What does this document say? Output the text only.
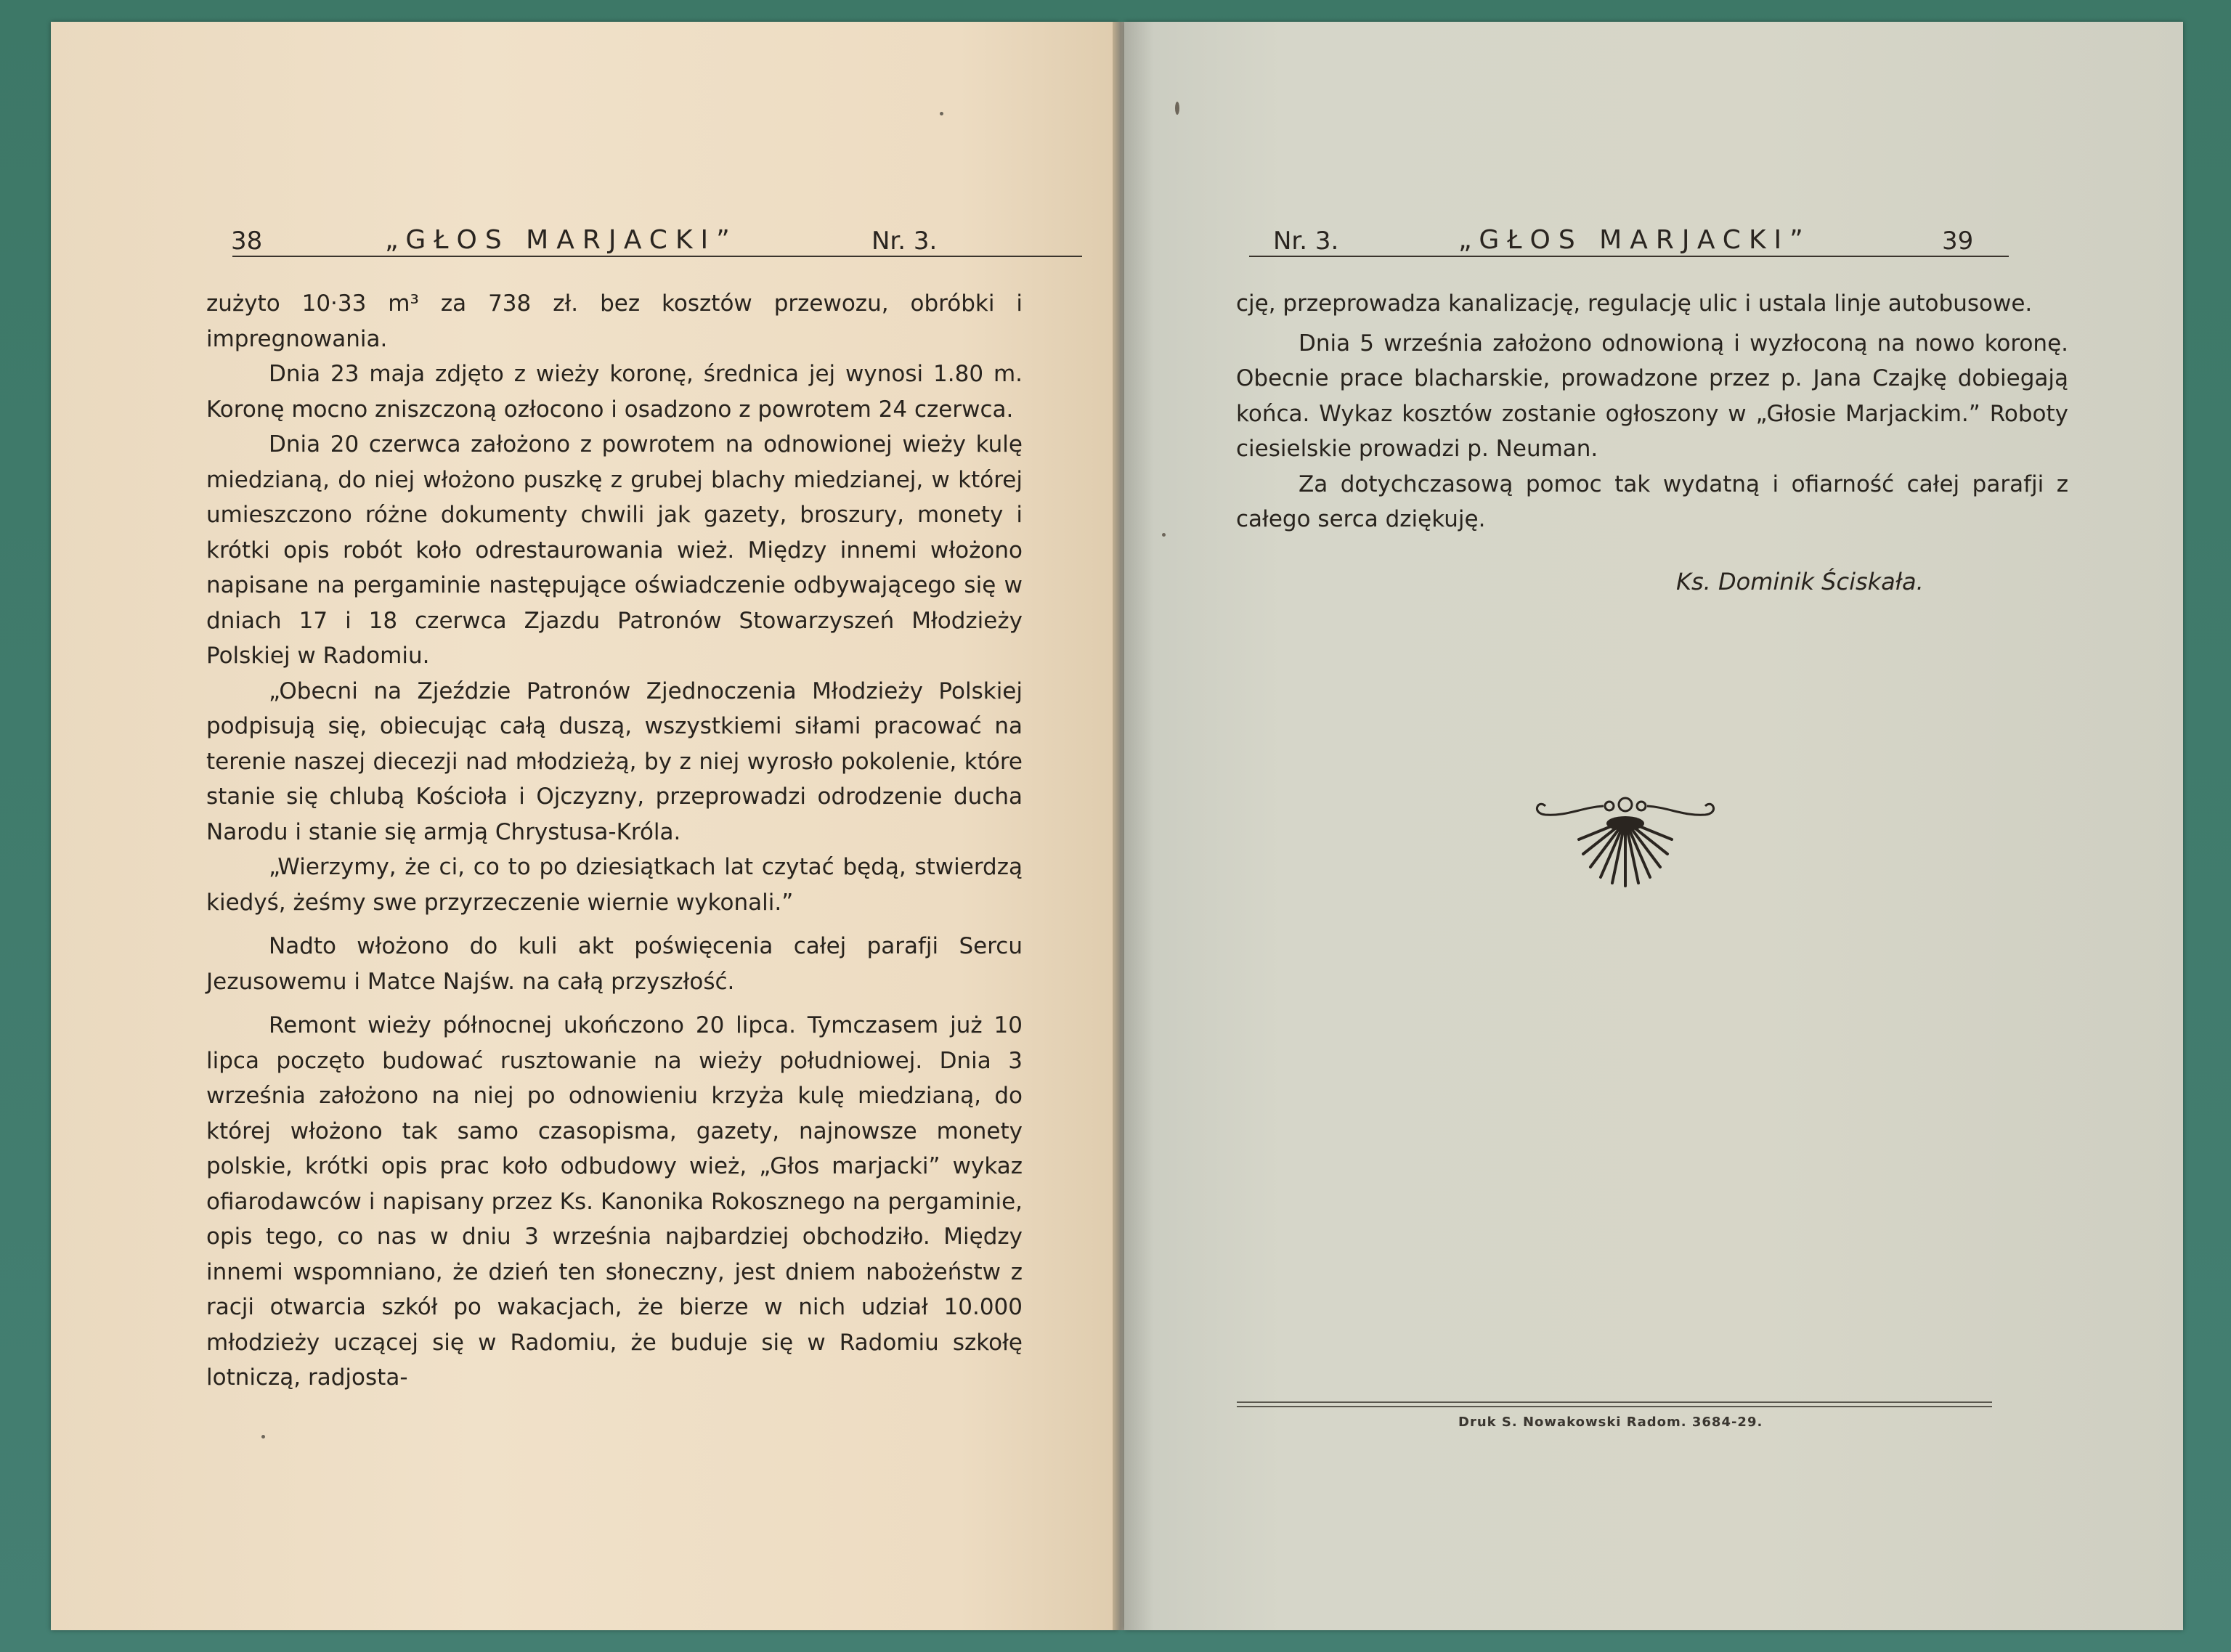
38	„GŁOS MARJACKI”	Nr. 3.

zużyto 10·33 m³ za 738 zł. bez kosztów przewozu, obróbki i impregnowania.

Dnia 23 maja zdjęto z wieży koronę, średnica jej wynosi 1.80 m. Koronę mocno zniszczoną ozłocono i osadzono z powrotem 24 czerwca.

Dnia 20 czerwca założono z powrotem na odnowionej wieży kulę miedzianą, do niej włożono puszkę z grubej blachy miedzianej, w której umieszczono różne dokumenty chwili jak gazety, broszury, monety i krótki opis robót koło odrestaurowania wież. Między innemi włożono napisane na pergaminie następujące oświadczenie odbywającego się w dniach 17 i 18 czerwca Zjazdu Patronów Stowarzyszeń Młodzieży Polskiej w Radomiu.

„Obecni na Zjeździe Patronów Zjednoczenia Młodzieży Polskiej podpisują się, obiecując całą duszą, wszystkiemi siłami pracować na terenie naszej diecezji nad młodzieżą, by z niej wyrosło pokolenie, które stanie się chlubą Kościoła i Ojczyzny, przeprowadzi odrodzenie ducha Narodu i stanie się armją Chrystusa-Króla.

„Wierzymy, że ci, co to po dziesiątkach lat czytać będą, stwierdzą kiedyś, żeśmy swe przyrzeczenie wiernie wykonali.”

Nadto włożono do kuli akt poświęcenia całej parafji Sercu Jezusowemu i Matce Najśw. na całą przyszłość.

Remont wieży północnej ukończono 20 lipca. Tymczasem już 10 lipca poczęto budować rusztowanie na wieży południowej. Dnia 3 września założono na niej po odnowieniu krzyża kulę miedzianą, do której włożono tak samo czasopisma, gazety, najnowsze monety polskie, krótki opis prac koło odbudowy wież, „Głos marjacki” wykaz ofiarodawców i napisany przez Ks. Kanonika Rokosznego na pergaminie, opis tego, co nas w dniu 3 września najbardziej obchodziło. Między innemi wspomniano, że dzień ten słoneczny, jest dniem nabożeństw z racji otwarcia szkół po wakacjach, że bierze w nich udział 10.000 młodzieży uczącej się w Radomiu, że buduje się w Radomiu szkołę lotniczą, radjosta-

Nr. 3.	„GŁOS MARJACKI”	39

cję, przeprowadza kanalizację, regulację ulic i ustala linje autobusowe.

Dnia 5 września założono odnowioną i wyzłoconą na nowo koronę. Obecnie prace blacharskie, prowadzone przez p. Jana Czajkę dobiegają końca. Wykaz kosztów zostanie ogłoszony w „Głosie Marjackim.” Roboty ciesielskie prowadzi p. Neuman.

Za dotychczasową pomoc tak wydatną i ofiarność całej parafji z całego serca dziękuję.

Ks. Dominik Ściskała.
Druk S. Nowakowski Radom. 3684-29.
